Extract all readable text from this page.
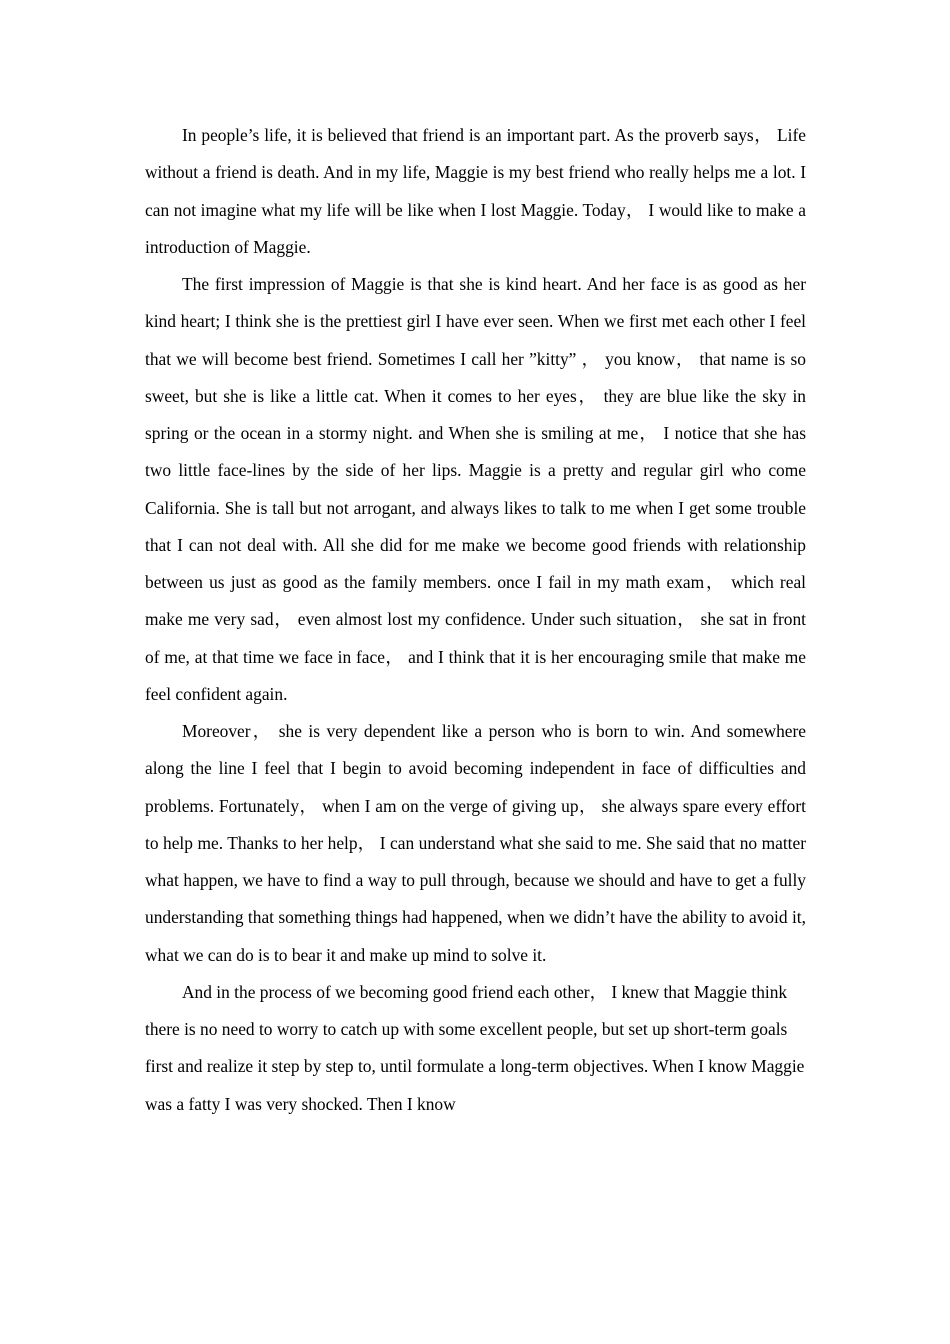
In people’s life, it is believed that friend is an important part. As the proverb says， Life without a friend is death. And in my life, Maggie is my best friend who really helps me a lot. I can not imagine what my life will be like when I lost Maggie. Today， I would like to make a introduction of Maggie.

The first impression of Maggie is that she is kind heart. And her face is as good as her kind heart; I think she is the prettiest girl I have ever seen. When we first met each other I feel that we will become best friend. Sometimes I call her ”kitty” ， you know， that name is so sweet, but she is like a little cat. When it comes to her eyes， they are blue like the sky in spring or the ocean in a stormy night. and When she is smiling at me， I notice that she has two little face-lines by the side of her lips. Maggie is a pretty and regular girl who come California. She is tall but not arrogant, and always likes to talk to me when I get some trouble that I can not deal with. All she did for me make we become good friends with relationship between us just as good as the family members. once I fail in my math exam， which real make me very sad， even almost lost my confidence. Under such situation， she sat in front of me, at that time we face in face， and I think that it is her encouraging smile that make me feel confident again.

Moreover， she is very dependent like a person who is born to win. And somewhere along the line I feel that I begin to avoid becoming independent in face of difficulties and problems. Fortunately， when I am on the verge of giving up， she always spare every effort to help me. Thanks to her help， I can understand what she said to me. She said that no matter what happen, we have to find a way to pull through, because we should and have to get a fully understanding that something things had happened, when we didn’t have the ability to avoid it, what we can do is to bear it and make up mind to solve it.

And in the process of we becoming good friend each other， I knew that Maggie think there is no need to worry to catch up with some excellent people, but set up short-term goals first and realize it step by step to, until formulate a long-term objectives. When I know Maggie was a fatty I was very shocked. Then I know
